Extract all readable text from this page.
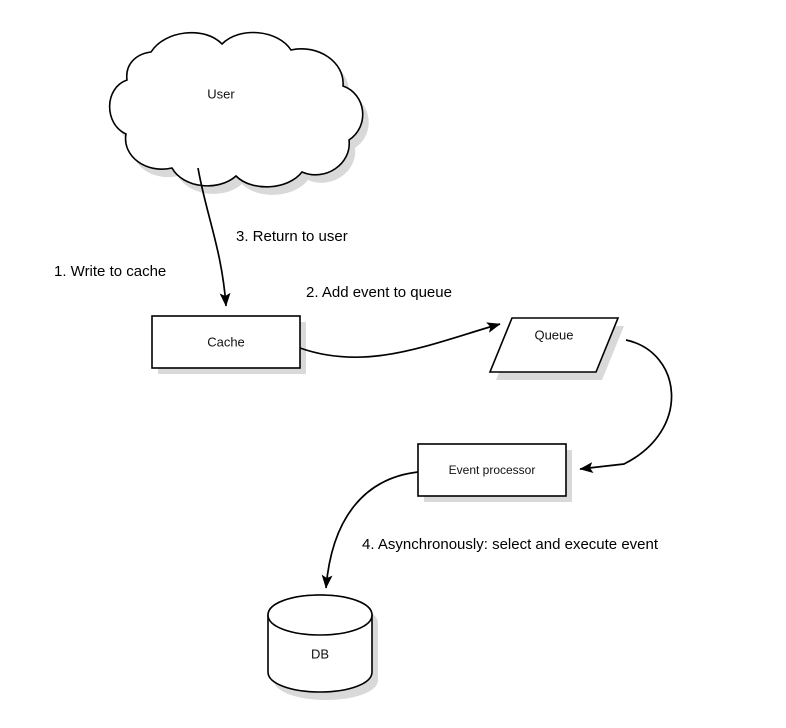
User
Cache	Queue
Event processor
DB
1. Write to cache
2. Add event to queue
3. Return to user
4. Asynchronously: select and execute event
